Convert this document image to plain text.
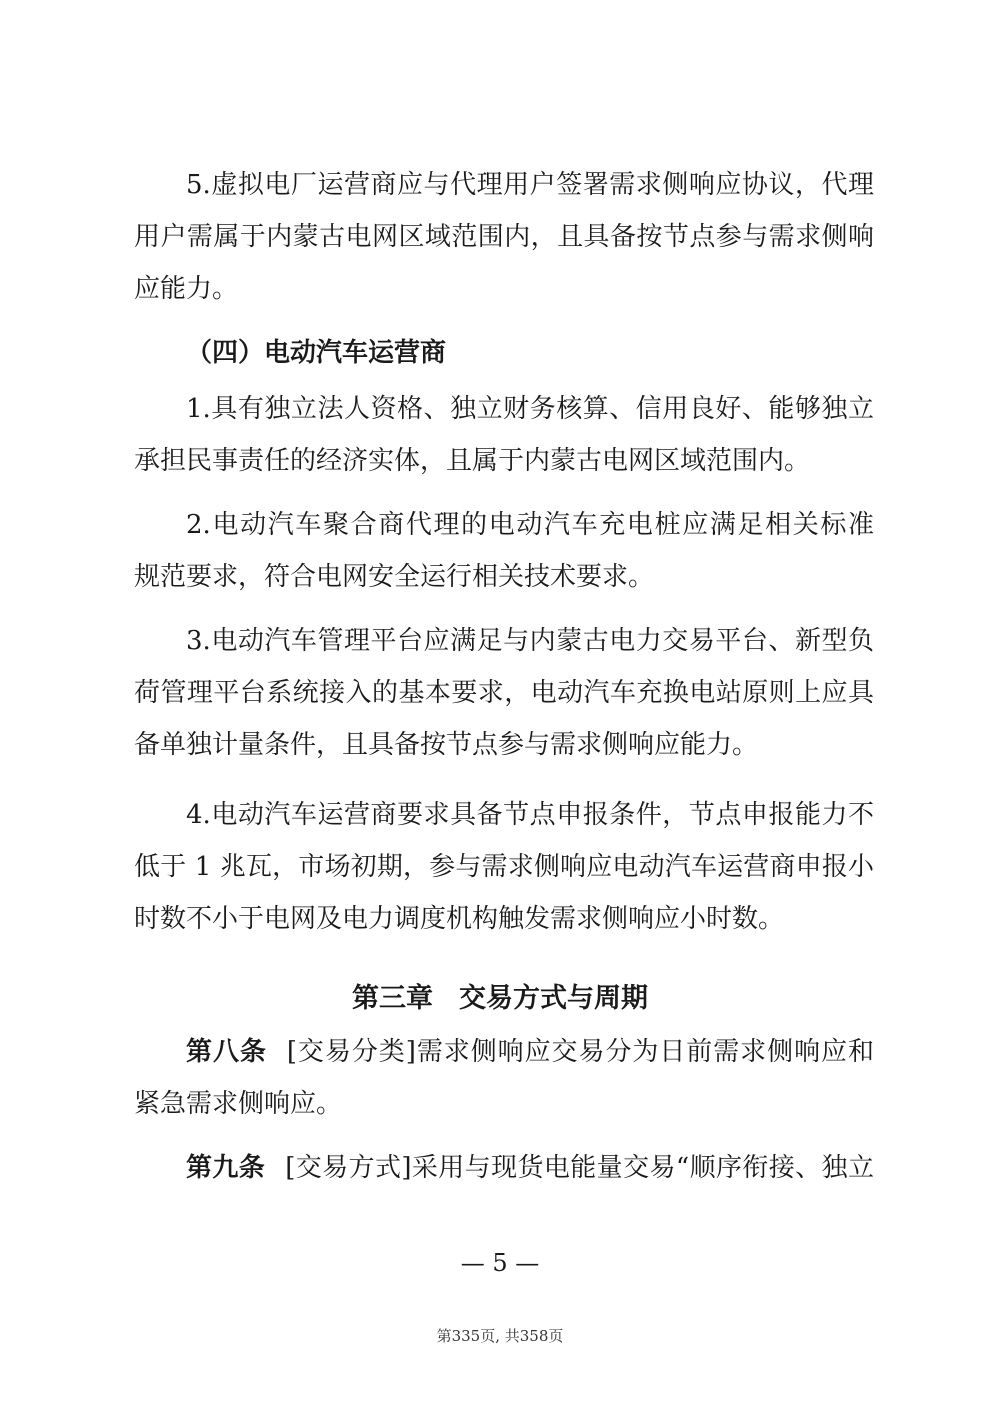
5.虚拟电厂运营商应与代理用户签署需求侧响应协议，代理
用户需属于内蒙古电网区域范围内，且具备按节点参与需求侧响
应能力。
（四）电动汽车运营商
1.具有独立法人资格、独立财务核算、信用良好、能够独立
承担民事责任的经济实体，且属于内蒙古电网区域范围内。
2.电动汽车聚合商代理的电动汽车充电桩应满足相关标准
规范要求，符合电网安全运行相关技术要求。
3.电动汽车管理平台应满足与内蒙古电力交易平台、新型负
荷管理平台系统接入的基本要求，电动汽车充换电站原则上应具
备单独计量条件，且具备按节点参与需求侧响应能力。
4.电动汽车运营商要求具备节点申报条件，节点申报能力不
低于 1 兆瓦，市场初期，参与需求侧响应电动汽车运营商申报小
时数不小于电网及电力调度机构触发需求侧响应小时数。
第三章 交易方式与周期
第八条 [交易分类]需求侧响应交易分为日前需求侧响应和
紧急需求侧响应。
第九条 [交易方式]采用与现货电能量交易“顺序衔接、独立
— 5 —
第335页, 共358页
